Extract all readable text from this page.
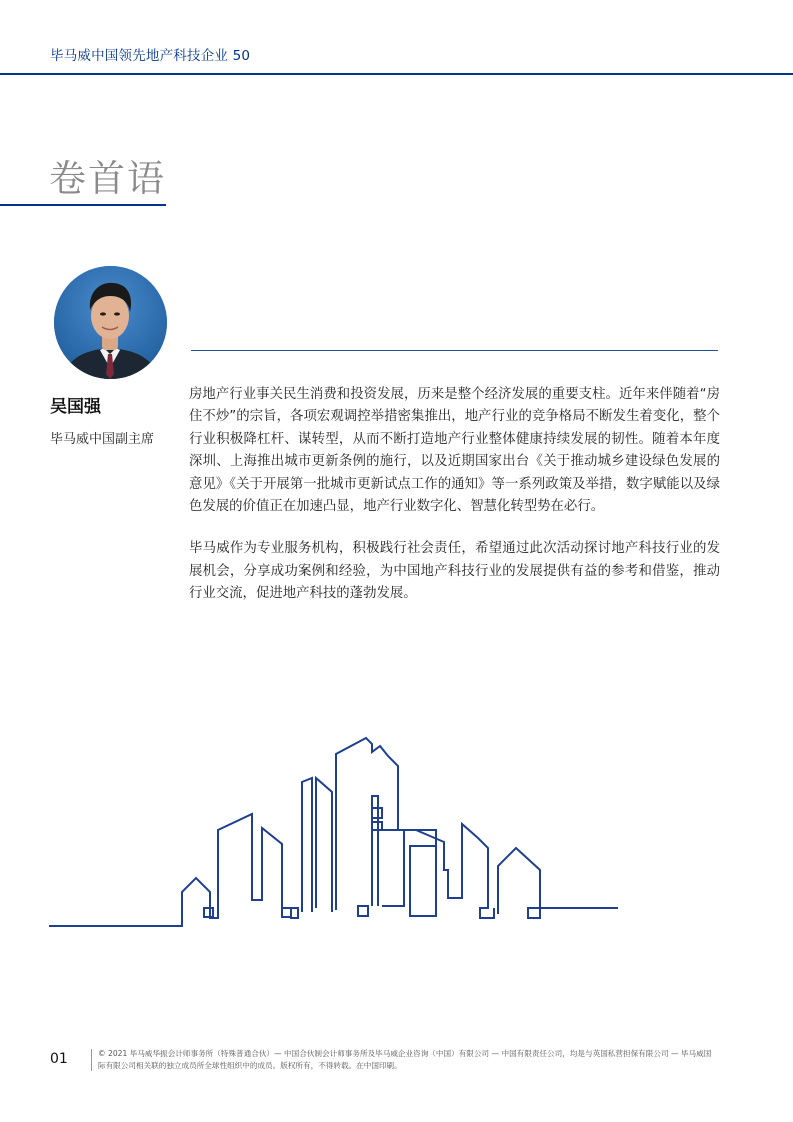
毕马威中国领先地产科技企业 50
卷首语
吴国强
毕马威中国副主席

房地产行业事关民生消费和投资发展，历来是整个经济发展的重要支柱。近年来伴随着“房住不炒”的宗旨，各项宏观调控举措密集推出，地产行业的竞争格局不断发生着变化，整个行业积极降杠杆、谋转型，从而不断打造地产行业整体健康持续发展的韧性。随着本年度深圳、上海推出城市更新条例的施行，以及近期国家出台《关于推动城乡建设绿色发展的意见》《关于开展第一批城市更新试点工作的通知》等一系列政策及举措，数字赋能以及绿色发展的价值正在加速凸显，地产行业数字化、智慧化转型势在必行。

毕马威作为专业服务机构，积极践行社会责任，希望通过此次活动探讨地产科技行业的发展机会，分享成功案例和经验，为中国地产科技行业的发展提供有益的参考和借鉴，推动行业交流，促进地产科技的蓬勃发展。

01	© 2021 毕马威华振会计师事务所（特殊普通合伙）— 中国合伙制会计师事务所及毕马威企业咨询（中国）有限公司 — 中国有限责任公司，均是与英国私营担保有限公司 — 毕马威国际有限公司相关联的独立成员所全球性组织中的成员。版权所有，不得转载。在中国印刷。
